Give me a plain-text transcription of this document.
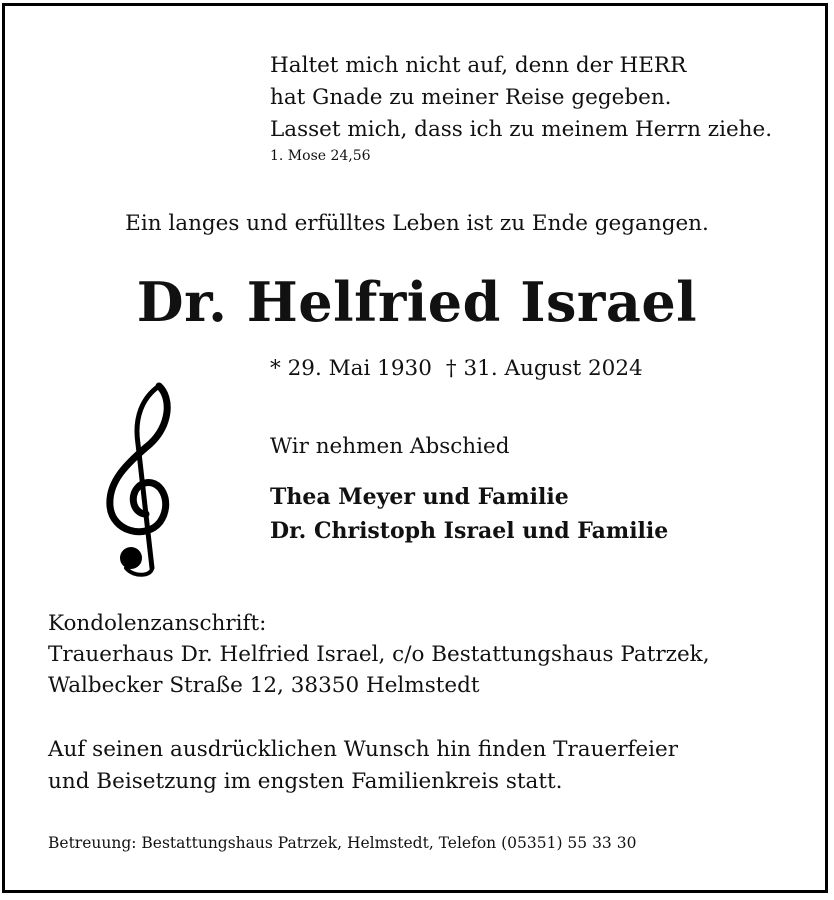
Haltet mich nicht auf, denn der HERR
hat Gnade zu meiner Reise gegeben.
Lasset mich, dass ich zu meinem Herrn ziehe.
1. Mose 24,56
Ein langes und erfülltes Leben ist zu Ende gegangen.
Dr. Helfried Israel
* 29. Mai 1930 † 31. August 2024
Wir nehmen Abschied
Thea Meyer und Familie
Dr. Christoph Israel und Familie
Kondolenzanschrift:
Trauerhaus Dr. Helfried Israel, c/o Bestattungshaus Patrzek,
Walbecker Straße 12, 38350 Helmstedt
Auf seinen ausdrücklichen Wunsch hin finden Trauerfeier
und Beisetzung im engsten Familienkreis statt.
Betreuung: Bestattungshaus Patrzek, Helmstedt, Telefon (05351) 55 33 30
